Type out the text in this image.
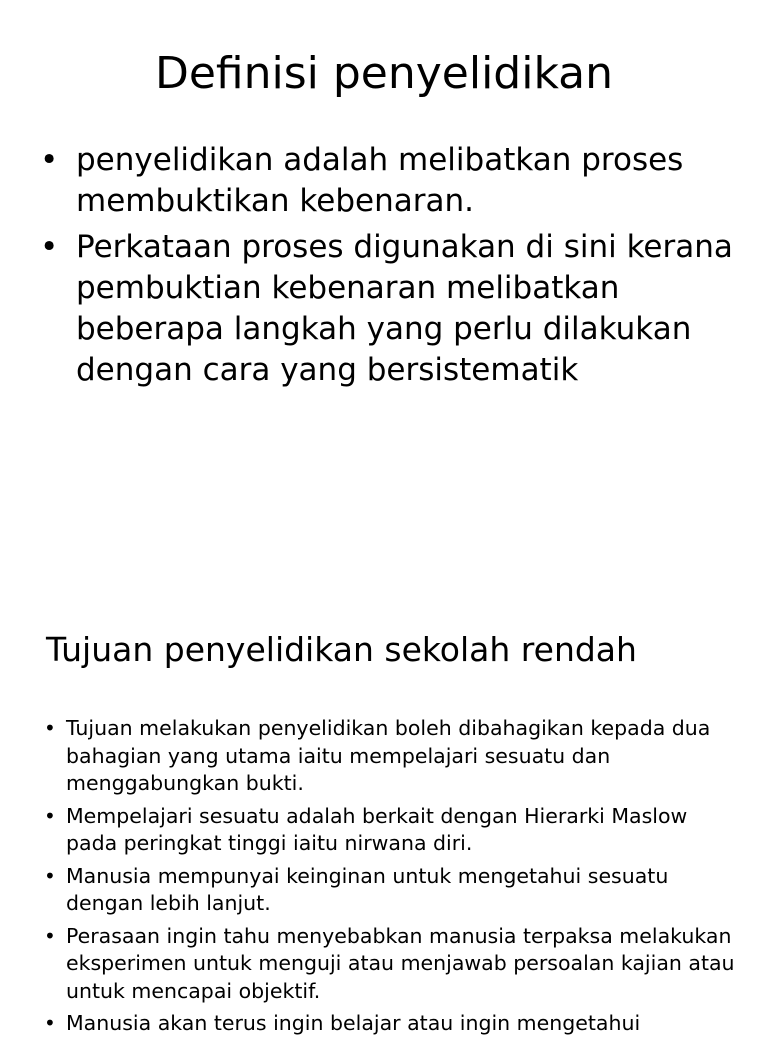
Definisi penyelidikan
• penyelidikan adalah melibatkan proses membuktikan kebenaran.
• Perkataan proses digunakan di sini kerana pembuktian kebenaran melibatkan beberapa langkah yang perlu dilakukan dengan cara yang bersistematik
Tujuan penyelidikan sekolah rendah
• Tujuan melakukan penyelidikan boleh dibahagikan kepada dua bahagian yang utama iaitu mempelajari sesuatu dan menggabungkan bukti.
• Mempelajari sesuatu adalah berkait dengan Hierarki Maslow pada peringkat tinggi iaitu nirwana diri.
• Manusia mempunyai keinginan untuk mengetahui sesuatu dengan lebih lanjut.
• Perasaan ingin tahu menyebabkan manusia terpaksa melakukan eksperimen untuk menguji atau menjawab persoalan kajian atau untuk mencapai objektif.
• Manusia akan terus ingin belajar atau ingin mengetahui
